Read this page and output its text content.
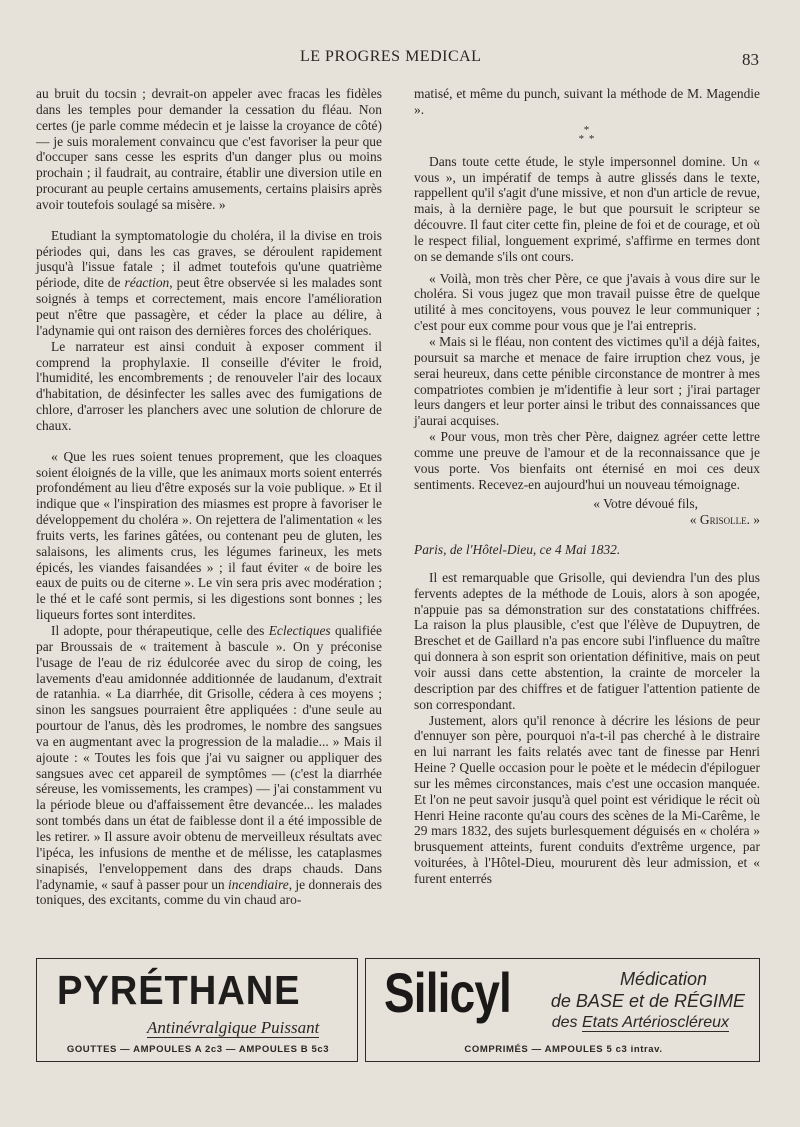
LE PROGRES MEDICAL	83

au bruit du tocsin ; devrait-on appeler avec fracas les fidèles dans les temples pour demander la cessation du fléau. Non certes (je parle comme médecin et je laisse la croyance de côté) — je suis moralement convaincu que c'est favoriser la peur que d'occuper sans cesse les esprits d'un danger plus ou moins prochain ; il faudrait, au contraire, établir une diversion utile en procurant au peuple certains amusements, certains plaisirs après avoir toutefois soulagé sa misère. »

Etudiant la symptomatologie du choléra, il la divise en trois périodes qui, dans les cas graves, se déroulent rapidement jusqu'à l'issue fatale ; il admet toutefois qu'une quatrième période, dite de réaction, peut être observée si les malades sont soignés à temps et correctement, mais encore l'amélioration peut n'être que passagère, et céder la place au délire, à l'adynamie qui ont raison des dernières forces des cholériques.

Le narrateur est ainsi conduit à exposer comment il comprend la prophylaxie. Il conseille d'éviter le froid, l'humidité, les encombrements ; de renouveler l'air des locaux d'habitation, de désinfecter les salles avec des fumigations de chlore, d'arroser les planchers avec une solution de chlorure de chaux.

« Que les rues soient tenues proprement, que les cloaques soient éloignés de la ville, que les animaux morts soient enterrés profondément au lieu d'être exposés sur la voie publique. » Et il indique que « l'inspiration des miasmes est propre à favoriser le développement du choléra ». On rejettera de l'alimentation « les fruits verts, les farines gâtées, ou contenant peu de gluten, les salaisons, les aliments crus, les légumes farineux, les mets épicés, les viandes faisandées » ; il faut éviter « de boire les eaux de puits ou de citerne ». Le vin sera pris avec modération ; le thé et le café sont permis, si les digestions sont bonnes ; les liqueurs fortes sont interdites.

Il adopte, pour thérapeutique, celle des Eclectiques qualifiée par Broussais de « traitement à bascule ». On y préconise l'usage de l'eau de riz édulcorée avec du sirop de coing, les lavements d'eau amidonnée additionnée de laudanum, d'extrait de ratanhia. « La diarrhée, dit Grisolle, cédera à ces moyens ; sinon les sangsues pourraient être appliquées : d'une seule au pourtour de l'anus, dès les prodromes, le nombre des sangsues va en augmentant avec la progression de la maladie... » Mais il ajoute : « Toutes les fois que j'ai vu saigner ou appliquer des sangsues avec cet appareil de symptômes — (c'est la diarrhée séreuse, les vomissements, les crampes) — j'ai constamment vu la période bleue ou d'affaissement être devancée... les malades sont tombés dans un état de faiblesse dont il a été impossible de les retirer. » Il assure avoir obtenu de merveilleux résultats avec l'ipéca, les infusions de menthe et de mélisse, les cataplasmes sinapisés, l'enveloppement dans des draps chauds. Dans l'adynamie, « sauf à passer pour un incendiaire, je donnerais des toniques, des excitants, comme du vin chaud aro-

matisé, et même du punch, suivant la méthode de M. Magendie ».

*
* *

Dans toute cette étude, le style impersonnel domine. Un « vous », un impératif de temps à autre glissés dans le texte, rappellent qu'il s'agit d'une missive, et non d'un article de revue, mais, à la dernière page, le but que poursuit le scripteur se découvre. Il faut citer cette fin, pleine de foi et de courage, et où le respect filial, longuement exprimé, s'affirme en termes dont on se demande s'ils ont cours.

« Voilà, mon très cher Père, ce que j'avais à vous dire sur le choléra. Si vous jugez que mon travail puisse être de quelque utilité à mes concitoyens, vous pouvez le leur communiquer ; c'est pour eux comme pour vous que je l'ai entrepris.

« Mais si le fléau, non content des victimes qu'il a déjà faites, poursuit sa marche et menace de faire irruption chez vous, je serai heureux, dans cette pénible circonstance de montrer à mes compatriotes combien je m'identifie à leur sort ; j'irai partager leurs dangers et leur porter ainsi le tribut des connaissances que j'aurai acquises.

« Pour vous, mon très cher Père, daignez agréer cette lettre comme une preuve de l'amour et de la reconnaissance que je vous porte. Vos bienfaits ont éternisé en moi ces deux sentiments. Recevez-en aujourd'hui un nouveau témoignage.

« Votre dévoué fils,

« Grisolle. »

Paris, de l'Hôtel-Dieu, ce 4 Mai 1832.

Il est remarquable que Grisolle, qui deviendra l'un des plus fervents adeptes de la méthode de Louis, alors à son apogée, n'appuie pas sa démonstration sur des constatations chiffrées. La raison la plus plausible, c'est que l'élève de Dupuytren, de Breschet et de Gaillard n'a pas encore subi l'influence du maître qui donnera à son esprit son orientation définitive, mais on peut voir aussi dans cette abstention, la crainte de morceler la description par des chiffres et de fatiguer l'attention patiente de son correspondant.

Justement, alors qu'il renonce à décrire les lésions de peur d'ennuyer son père, pourquoi n'a-t-il pas cherché à le distraire en lui narrant les faits relatés avec tant de finesse par Henri Heine ? Quelle occasion pour le poète et le médecin d'épiloguer sur les mêmes circonstances, mais c'est une occasion manquée. Et l'on ne peut savoir jusqu'à quel point est véridique le récit où Henri Heine raconte qu'au cours des scènes de la Mi-Carême, le 29 mars 1832, des sujets burlesquement déguisés en « choléra » brusquement atteints, furent conduits d'extrême urgence, par voiturées, à l'Hôtel-Dieu, moururent dès leur admission, et « furent enterrés

PYRÉTHANE
Antinévralgique Puissant
GOUTTES — AMPOULES A 2c3 — AMPOULES B 5c3
Silicyl	Médication
de BASE et de RÉGIME
des Etats Artérioscléreux
COMPRIMÉS — AMPOULES 5 c3 intrav.
